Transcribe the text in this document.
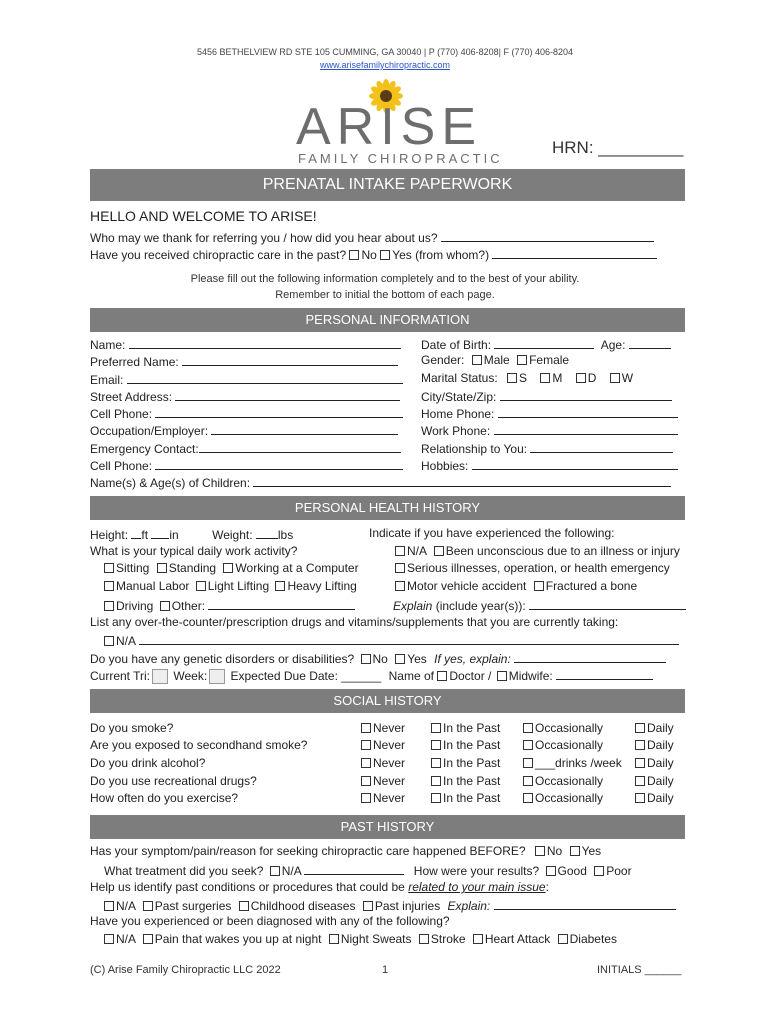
5456 BETHELVIEW RD STE 105 CUMMING, GA 30040 | P (770) 406-8208| F (770) 406-8204
www.arisefamilychiropractic.com
ARISE
FAMILY CHIROPRACTIC
HRN: _________
PRENATAL INTAKE PAPERWORK
HELLO AND WELCOME TO ARISE!
Who may we thank for referring you / how did you hear about us?
Have you received chiropractic care in the past? No Yes (from whom?)
Please fill out the following information completely and to the best of your ability.
Remember to initial the bottom of each page.
PERSONAL INFORMATION
Name:
Preferred Name:
Email:
Street Address:
Cell Phone:
Occupation/Employer:
Emergency Contact:
Cell Phone:
Name(s) & Age(s) of Children:
Date of Birth:	Age:
Gender: Male Female
Marital Status: S M D W
City/State/Zip:
Home Phone:
Work Phone:
Relationship to You:
Hobbies:
PERSONAL HEALTH HISTORY
Height: ft in	Weight: lbs
What is your typical daily work activity?
Sitting Standing Working at a Computer
Manual Labor Light Lifting Heavy Lifting
Driving Other:
Indicate if you have experienced the following:
N/A Been unconscious due to an illness or injury
Serious illnesses, operation, or health emergency
Motor vehicle accident Fractured a bone
Explain (include year(s)):
List any over-the-counter/prescription drugs and vitamins/supplements that you are currently taking:
N/A
Do you have any genetic disorders or disabilities? No Yes If yes, explain:
Current Tri: Week: Expected Due Date: ______ Name of Doctor / Midwife:
SOCIAL HISTORY
Do you smoke?	Never	In the Past	Occasionally	Daily
Are you exposed to secondhand smoke?	Never	In the Past	Occasionally	Daily
Do you drink alcohol?	Never	In the Past	___drinks /week	Daily
Do you use recreational drugs?	Never	In the Past	Occasionally	Daily
How often do you exercise?	Never	In the Past	Occasionally	Daily
PAST HISTORY
Has your symptom/pain/reason for seeking chiropractic care happened BEFORE? No Yes
What treatment did you seek? N/A	How were your results? Good Poor
Help us identify past conditions or procedures that could be related to your main issue:
N/A Past surgeries Childhood diseases Past injuries Explain:
Have you experienced or been diagnosed with any of the following?
N/A Pain that wakes you up at night Night Sweats Stroke Heart Attack Diabetes
(C) Arise Family Chiropractic LLC 2022	1	INITIALS ______
